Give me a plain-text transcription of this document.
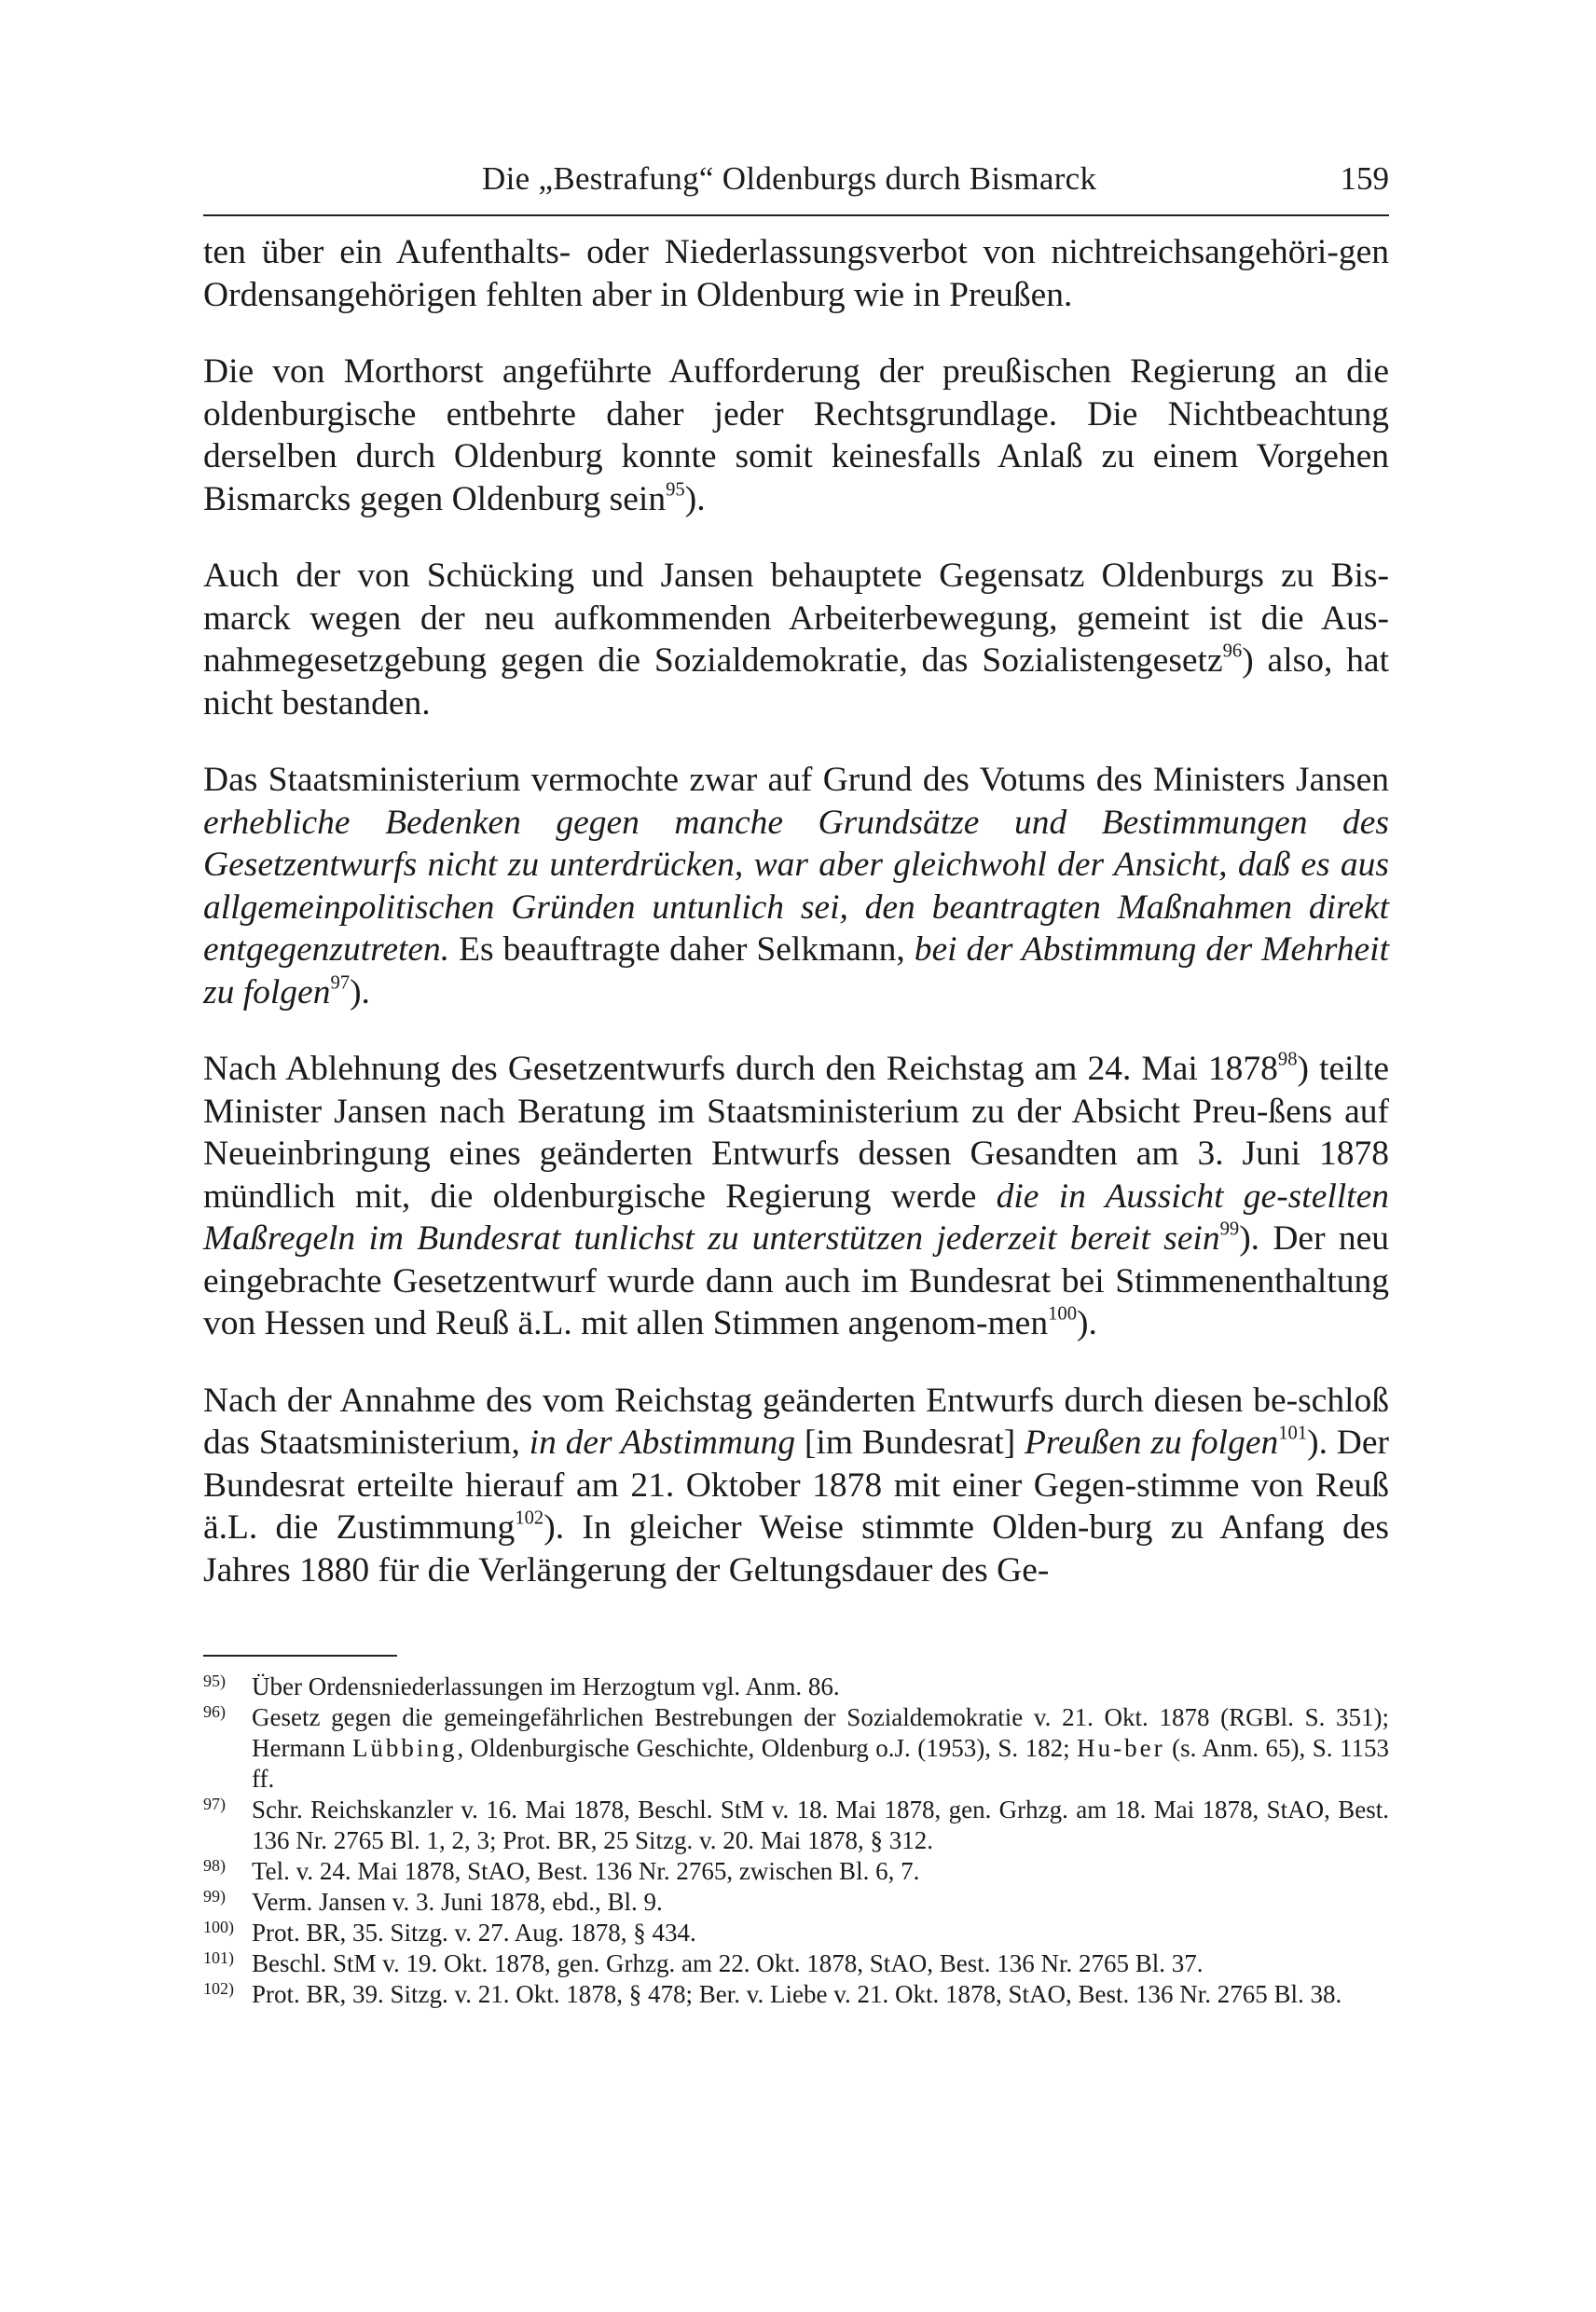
Die „Bestrafung“ Oldenburgs durch Bismarck	159

ten über ein Aufenthalts- oder Niederlassungsverbot von nichtreichsangehöri-gen Ordensangehörigen fehlten aber in Oldenburg wie in Preußen.

Die von Morthorst angeführte Aufforderung der preußischen Regierung an die oldenburgische entbehrte daher jeder Rechtsgrundlage. Die Nichtbeachtung derselben durch Oldenburg konnte somit keinesfalls Anlaß zu einem Vorgehen Bismarcks gegen Oldenburg sein$^{95}$).

Auch der von Schücking und Jansen behauptete Gegensatz Oldenburgs zu Bis-marck wegen der neu aufkommenden Arbeiterbewegung, gemeint ist die Aus-nahmegesetzgebung gegen die Sozialdemokratie, das Sozialistengesetz$^{96}$) also, hat nicht bestanden.

Das Staatsministerium vermochte zwar auf Grund des Votums des Ministers Jansen erhebliche Bedenken gegen manche Grundsätze und Bestimmungen des Gesetzentwurfs nicht zu unterdrücken, war aber gleichwohl der Ansicht, daß es aus allgemeinpolitischen Gründen untunlich sei, den beantragten Maßnahmen direkt entgegenzutreten. Es beauftragte daher Selkmann, bei der Abstimmung der Mehrheit zu folgen$^{97}$).

Nach Ablehnung des Gesetzentwurfs durch den Reichstag am 24. Mai 1878$^{98}$) teilte Minister Jansen nach Beratung im Staatsministerium zu der Absicht Preu-ßens auf Neueinbringung eines geänderten Entwurfs dessen Gesandten am 3. Juni 1878 mündlich mit, die oldenburgische Regierung werde die in Aussicht ge-stellten Maßregeln im Bundesrat tunlichst zu unterstützen jederzeit bereit sein$^{99}$). Der neu eingebrachte Gesetzentwurf wurde dann auch im Bundesrat bei Stimmenenthaltung von Hessen und Reuß ä.L. mit allen Stimmen angenom-men$^{100}$).

Nach der Annahme des vom Reichstag geänderten Entwurfs durch diesen be-schloß das Staatsministerium, in der Abstimmung [im Bundesrat] Preußen zu folgen$^{101}$). Der Bundesrat erteilte hierauf am 21. Oktober 1878 mit einer Gegen-stimme von Reuß ä.L. die Zustimmung$^{102}$). In gleicher Weise stimmte Olden-burg zu Anfang des Jahres 1880 für die Verlängerung der Geltungsdauer des Ge-

95)	Über Ordensniederlassungen im Herzogtum vgl. Anm. 86.
96)	Gesetz gegen die gemeingefährlichen Bestrebungen der Sozialdemokratie v. 21. Okt. 1878 (RGBl. S. 351); Hermann Lübbing, Oldenburgische Geschichte, Oldenburg o.J. (1953), S. 182; Hu-ber (s. Anm. 65), S. 1153 ff.
97)	Schr. Reichskanzler v. 16. Mai 1878, Beschl. StM v. 18. Mai 1878, gen. Grhzg. am 18. Mai 1878, StAO, Best. 136 Nr. 2765 Bl. 1, 2, 3; Prot. BR, 25 Sitzg. v. 20. Mai 1878, § 312.
98)	Tel. v. 24. Mai 1878, StAO, Best. 136 Nr. 2765, zwischen Bl. 6, 7.
99)	Verm. Jansen v. 3. Juni 1878, ebd., Bl. 9.
100) Prot. BR, 35. Sitzg. v. 27. Aug. 1878, § 434.
101) Beschl. StM v. 19. Okt. 1878, gen. Grhzg. am 22. Okt. 1878, StAO, Best. 136 Nr. 2765 Bl. 37.
102) Prot. BR, 39. Sitzg. v. 21. Okt. 1878, § 478; Ber. v. Liebe v. 21. Okt. 1878, StAO, Best. 136 Nr. 2765 Bl. 38.
